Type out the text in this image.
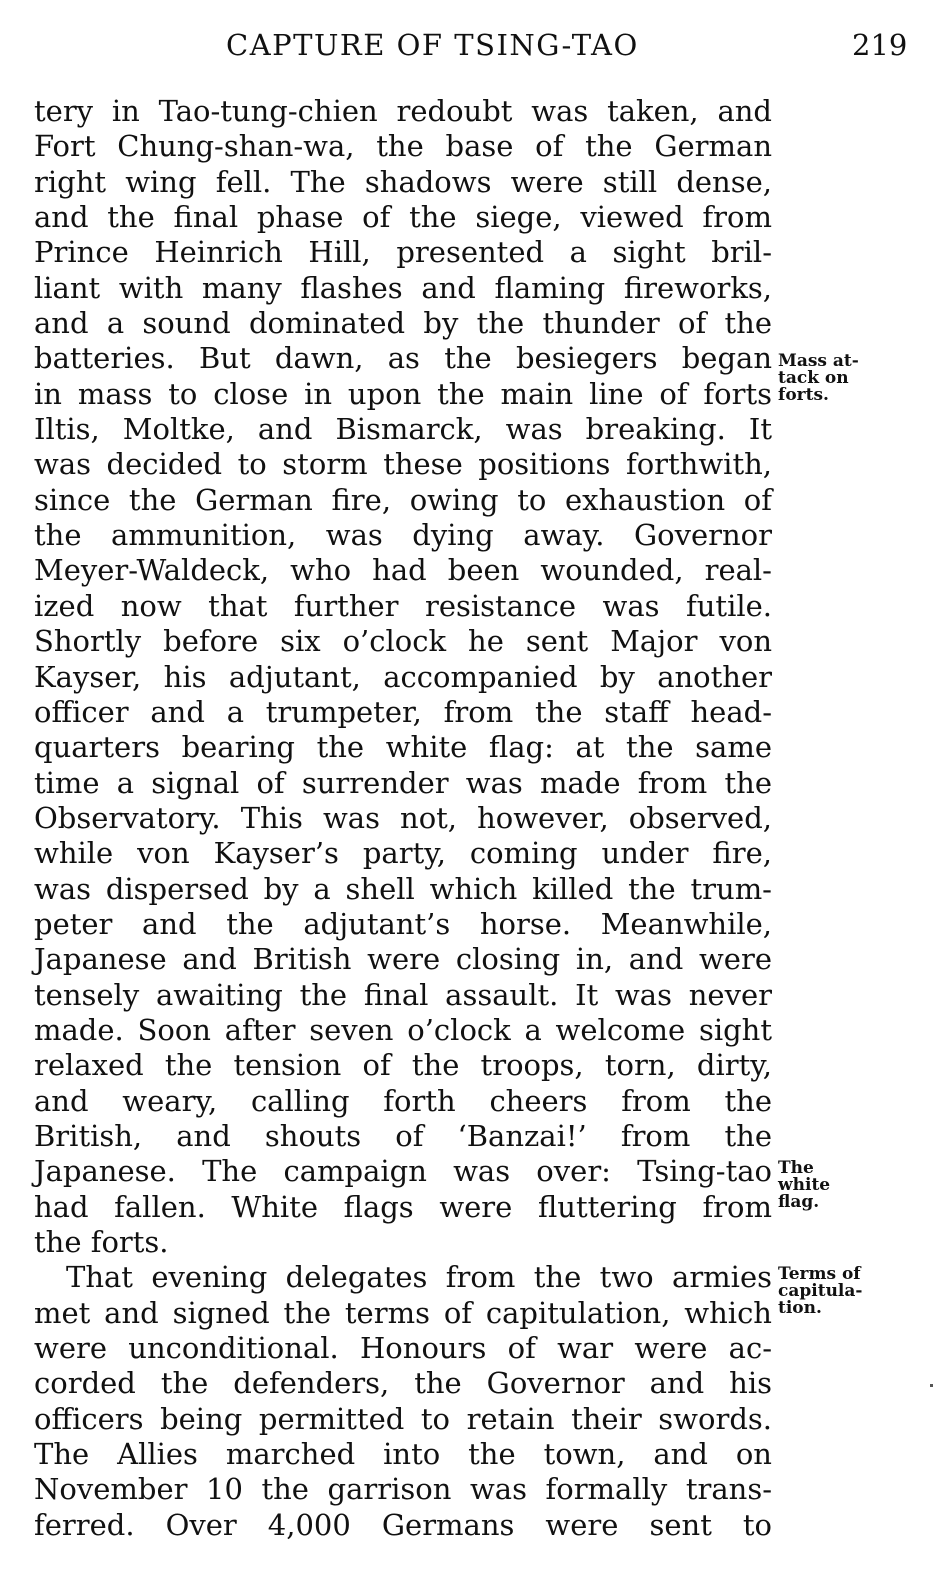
CAPTURE OF TSING-TAO	219
tery in Tao-tung-chien redoubt was taken, and
Fort Chung-shan-wa, the base of the German
right wing fell. The shadows were still dense,
and the final phase of the siege, viewed from
Prince Heinrich Hill, presented a sight bril-
liant with many flashes and flaming fireworks,
and a sound dominated by the thunder of the
batteries. But dawn, as the besiegers began
in mass to close in upon the main line of forts
Iltis, Moltke, and Bismarck, was breaking. It
was decided to storm these positions forthwith,
since the German fire, owing to exhaustion of
the ammunition, was dying away. Governor
Meyer-Waldeck, who had been wounded, real-
ized now that further resistance was futile.
Shortly before six o’clock he sent Major von
Kayser, his adjutant, accompanied by another
officer and a trumpeter, from the staff head-
quarters bearing the white flag: at the same
time a signal of surrender was made from the
Observatory. This was not, however, observed,
while von Kayser’s party, coming under fire,
was dispersed by a shell which killed the trum-
peter and the adjutant’s horse. Meanwhile,
Japanese and British were closing in, and were
tensely awaiting the final assault. It was never
made. Soon after seven o’clock a welcome sight
relaxed the tension of the troops, torn, dirty,
and weary, calling forth cheers from the
British, and shouts of ‘Banzai!’ from the
Japanese. The campaign was over: Tsing-tao
had fallen. White flags were fluttering from
the forts.
That evening delegates from the two armies
met and signed the terms of capitulation, which
were unconditional. Honours of war were ac-
corded the defenders, the Governor and his
officers being permitted to retain their swords.
The Allies marched into the town, and on
November 10 the garrison was formally trans-
ferred. Over 4,000 Germans were sent to
Mass at-
tack on
forts.
The
white
flag.
Terms of
capitula-
tion.
